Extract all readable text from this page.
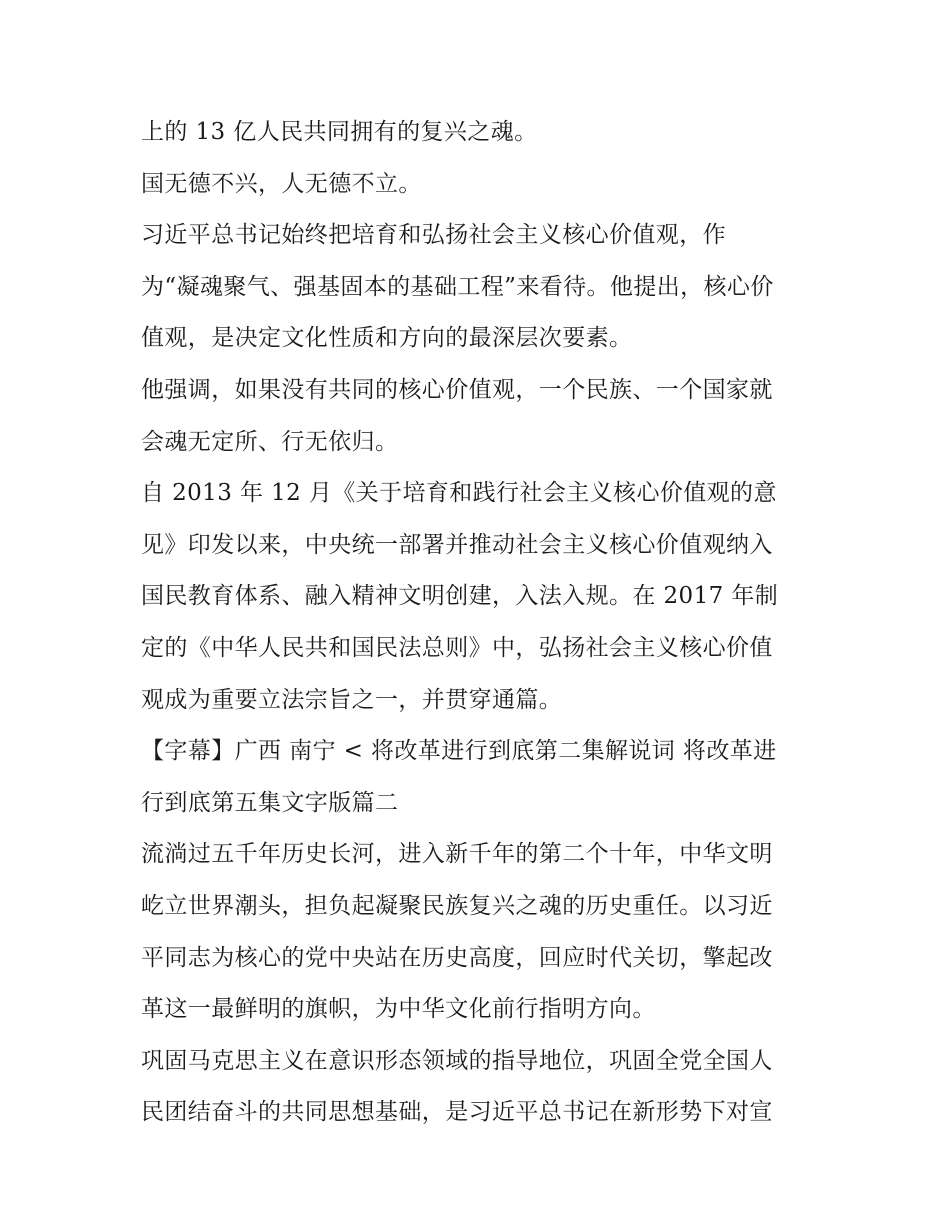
上的 13 亿人民共同拥有的复兴之魂。
国无德不兴，人无德不立。
习近平总书记始终把培育和弘扬社会主义核心价值观，作
为“凝魂聚气、强基固本的基础工程”来看待。他提出，核心价
值观，是决定文化性质和方向的最深层次要素。
他强调，如果没有共同的核心价值观，一个民族、一个国家就
会魂无定所、行无依归。
自 2013 年 12 月《关于培育和践行社会主义核心价值观的意
见》印发以来，中央统一部署并推动社会主义核心价值观纳入
国民教育体系、融入精神文明创建，入法入规。在 2017 年制
定的《中华人民共和国民法总则》中，弘扬社会主义核心价值
观成为重要立法宗旨之一，并贯穿通篇。
【字幕】广西 南宁 < 将改革进行到底第二集解说词 将改革进
行到底第五集文字版篇二
流淌过五千年历史长河，进入新千年的第二个十年，中华文明
屹立世界潮头，担负起凝聚民族复兴之魂的历史重任。以习近
平同志为核心的党中央站在历史高度，回应时代关切，擎起改
革这一最鲜明的旗帜，为中华文化前行指明方向。
巩固马克思主义在意识形态领域的指导地位，巩固全党全国人
民团结奋斗的共同思想基础，是习近平总书记在新形势下对宣
